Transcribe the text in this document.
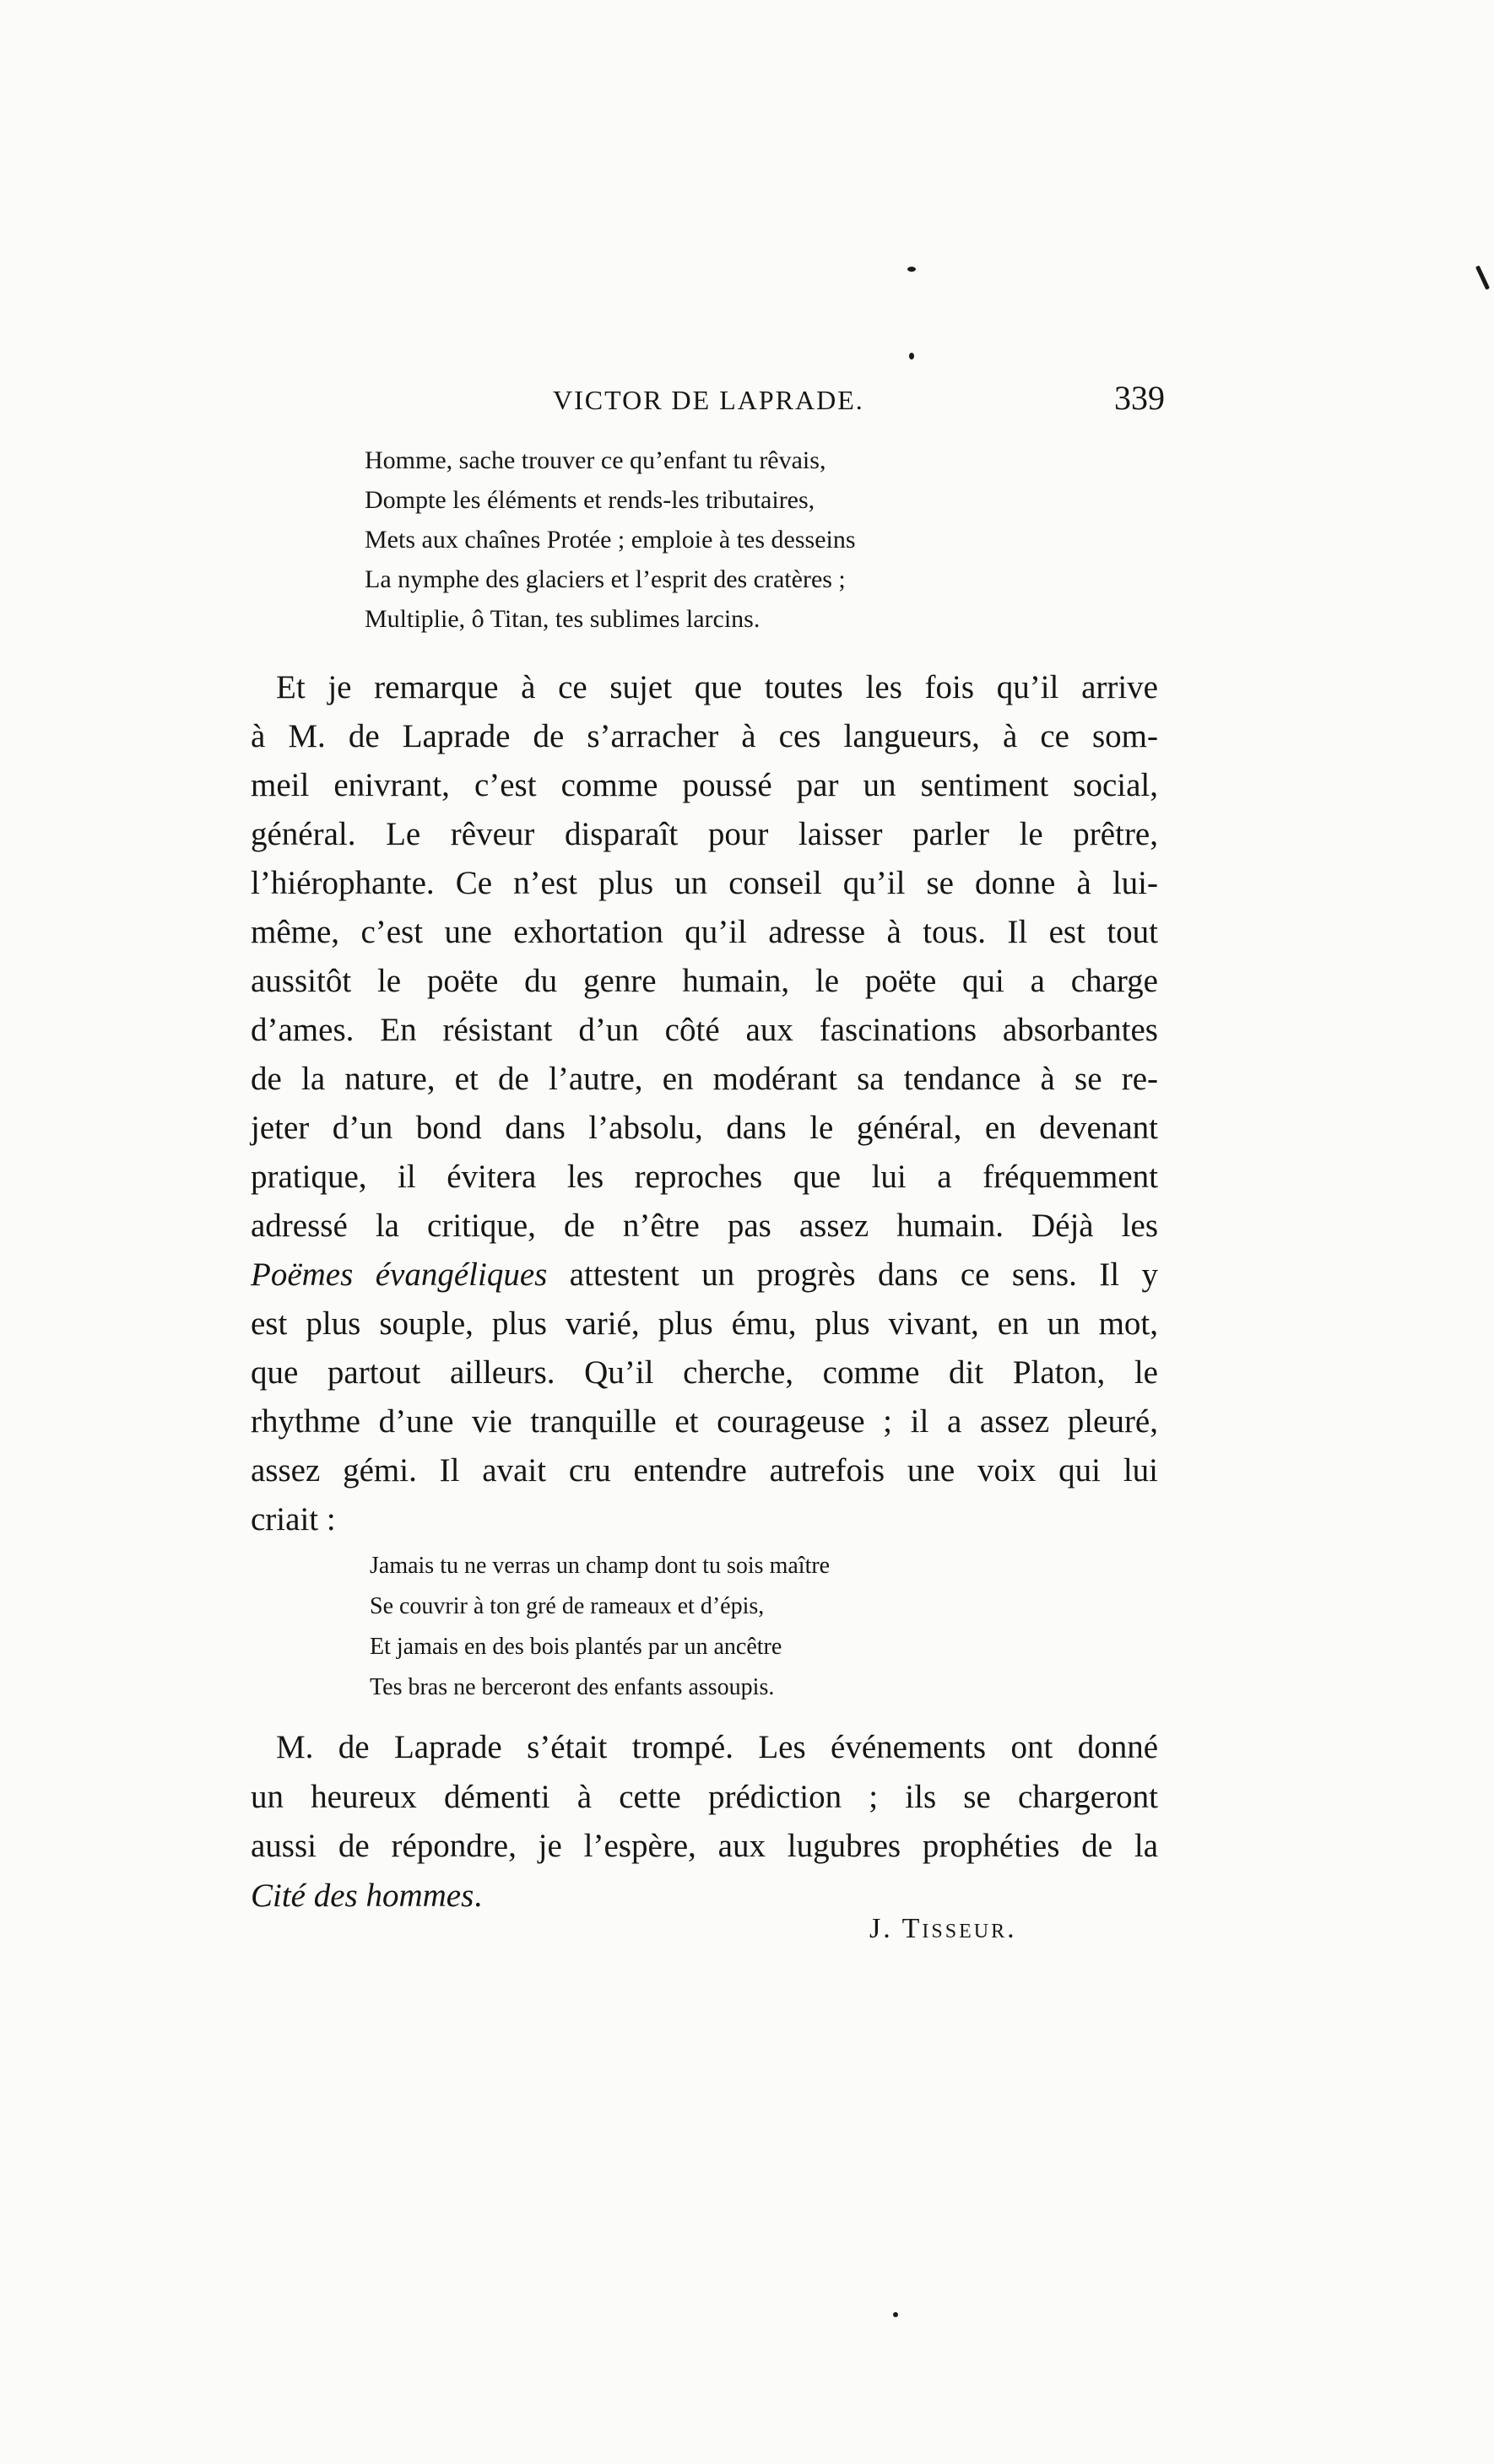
VICTOR DE LAPRADE.	339
Homme, sache trouver ce qu’enfant tu rêvais,
Dompte les éléments et rends-les tributaires,
Mets aux chaînes Protée ; emploie à tes desseins
La nymphe des glaciers et l’esprit des cratères ;
Multiplie, ô Titan, tes sublimes larcins.
Et je remarque à ce sujet que toutes les fois qu’il arrive
à M. de Laprade de s’arracher à ces langueurs, à ce som-
meil enivrant, c’est comme poussé par un sentiment social,
général. Le rêveur disparaît pour laisser parler le prêtre,
l’hiérophante. Ce n’est plus un conseil qu’il se donne à lui-
même, c’est une exhortation qu’il adresse à tous. Il est tout
aussitôt le poëte du genre humain, le poëte qui a charge
d’ames. En résistant d’un côté aux fascinations absorbantes
de la nature, et de l’autre, en modérant sa tendance à se re-
jeter d’un bond dans l’absolu, dans le général, en devenant
pratique, il évitera les reproches que lui a fréquemment
adressé la critique, de n’être pas assez humain. Déjà les
Poëmes évangéliques attestent un progrès dans ce sens. Il y
est plus souple, plus varié, plus ému, plus vivant, en un mot,
que partout ailleurs. Qu’il cherche, comme dit Platon, le
rhythme d’une vie tranquille et courageuse ; il a assez pleuré,
assez gémi. Il avait cru entendre autrefois une voix qui lui
criait :
Jamais tu ne verras un champ dont tu sois maître
Se couvrir à ton gré de rameaux et d’épis,
Et jamais en des bois plantés par un ancêtre
Tes bras ne berceront des enfants assoupis.
M. de Laprade s’était trompé. Les événements ont donné
un heureux démenti à cette prédiction ; ils se chargeront
aussi de répondre, je l’espère, aux lugubres prophéties de la
Cité des hommes.
J. Tisseur.
